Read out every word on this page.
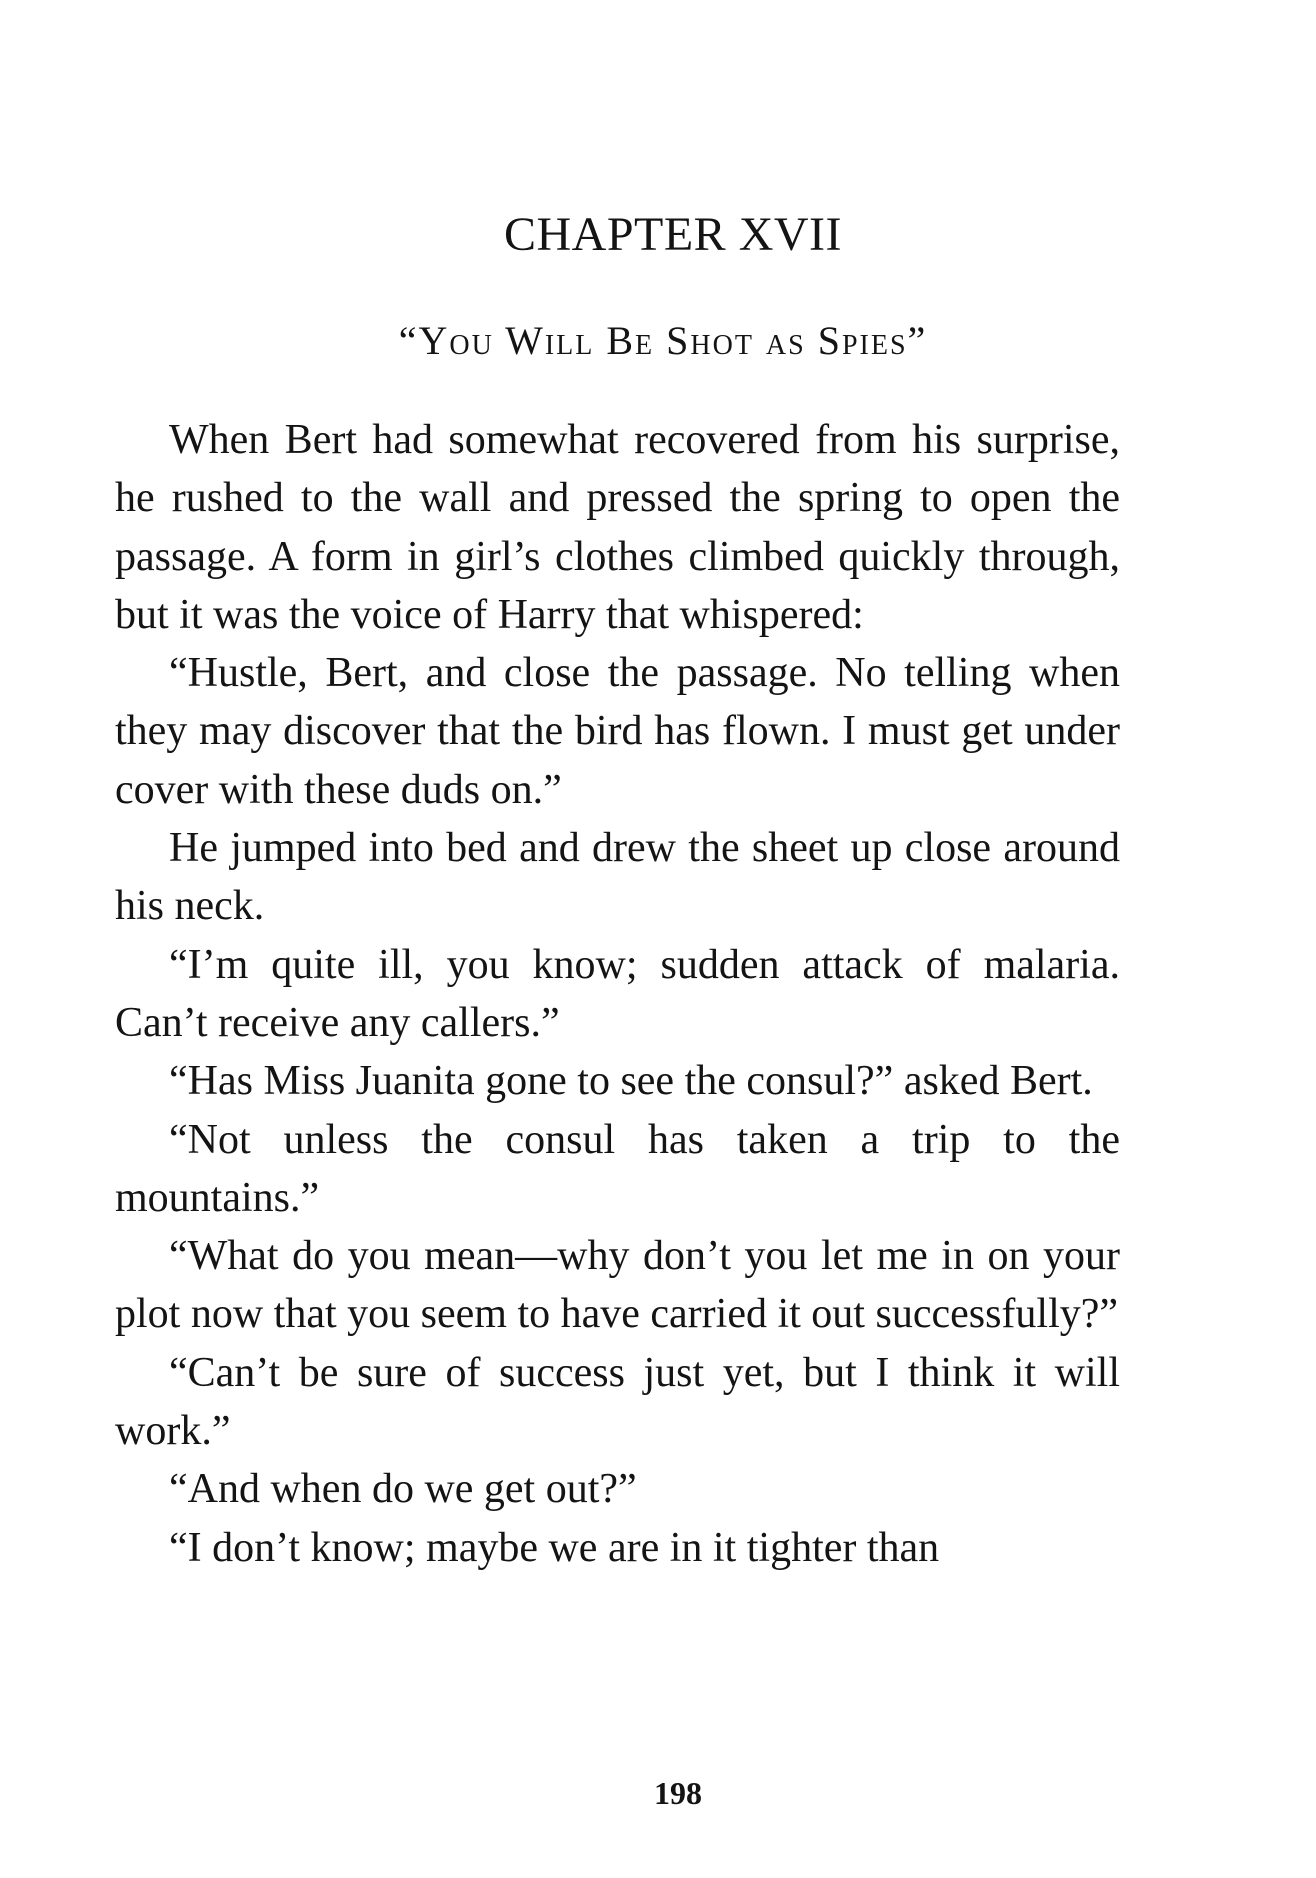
CHAPTER XVII
“You Will Be Shot as Spies”

When Bert had somewhat recovered from his surprise, he rushed to the wall and pressed the spring to open the passage. A form in girl’s clothes climbed quickly through, but it was the voice of Harry that whispered:

“Hustle, Bert, and close the passage. No telling when they may discover that the bird has flown. I must get under cover with these duds on.”

He jumped into bed and drew the sheet up close around his neck.

“I’m quite ill, you know; sudden attack of malaria. Can’t receive any callers.”

“Has Miss Juanita gone to see the consul?” asked Bert.

“Not unless the consul has taken a trip to the mountains.”

“What do you mean—why don’t you let me in on your plot now that you seem to have carried it out successfully?”

“Can’t be sure of success just yet, but I think it will work.”

“And when do we get out?”

“I don’t know; maybe we are in it tighter than

198
